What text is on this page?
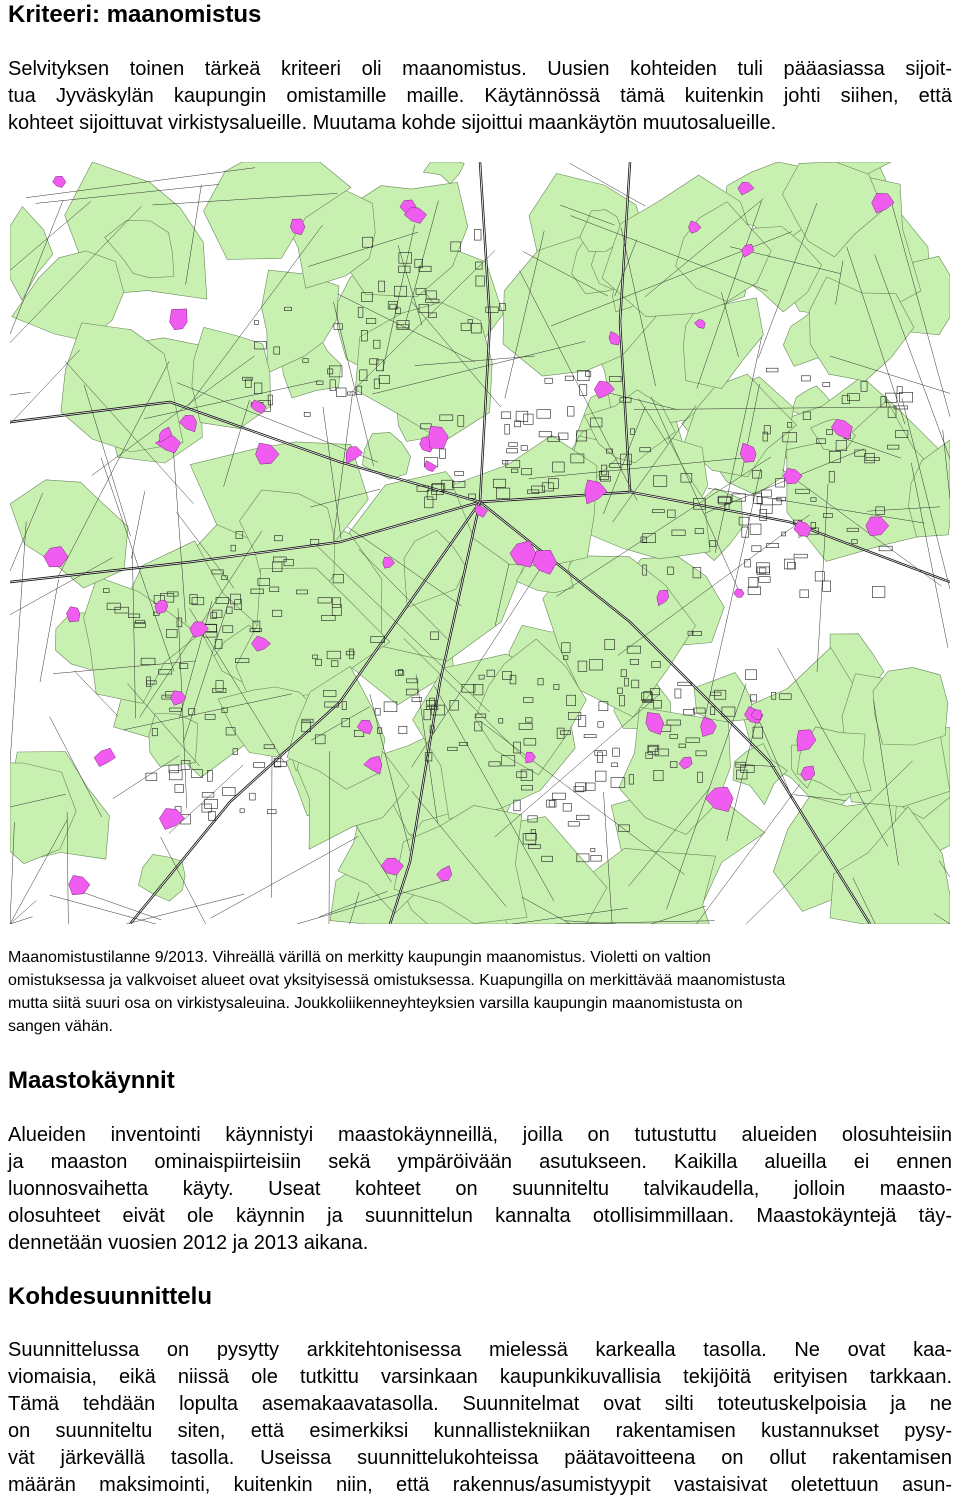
Kriteeri: maanomistus
Selvityksen toinen tärkeä kriteeri oli maanomistus. Uusien kohteiden tuli pääasiassa sijoit-
tua Jyväskylän kaupungin omistamille maille. Käytännössä tämä kuitenkin johti siihen, että
kohteet sijoittuvat virkistysalueille. Muutama kohde sijoittui maankäytön muutosalueille.
Maanomistustilanne 9/2013. Vihreällä värillä on merkitty kaupungin maanomistus. Violetti on valtion
omistuksessa ja valkvoiset alueet ovat yksityisessä omistuksessa. Kuapungilla on merkittävää maanomistusta
mutta siitä suuri osa on virkistysaleuina. Joukkoliikenneyhteyksien varsilla kaupungin maanomistusta on
sangen vähän.
Maastokäynnit
Alueiden inventointi käynnistyi maastokäynneillä, joilla on tutustuttu alueiden olosuhteisiin
ja maaston ominaispiirteisiin sekä ympäröivään asutukseen. Kaikilla alueilla ei ennen
luonnosvaihetta käyty. Useat kohteet on suunniteltu talvikaudella, jolloin maasto-
olosuhteet eivät ole käynnin ja suunnittelun kannalta otollisimmillaan. Maastokäyntejä täy-
dennetään vuosien 2012 ja 2013 aikana.
Kohdesuunnittelu
Suunnittelussa on pysytty arkkitehtonisessa mielessä karkealla tasolla. Ne ovat kaa-
viomaisia, eikä niissä ole tutkittu varsinkaan kaupunkikuvallisia tekijöitä erityisen tarkkaan.
Tämä tehdään lopulta asemakaavatasolla. Suunnitelmat ovat silti toteutuskelpoisia ja ne
on suunniteltu siten, että esimerkiksi kunnallistekniikan rakentamisen kustannukset pysy-
vät järkevällä tasolla. Useissa suunnittelukohteissa päätavoitteena on ollut rakentamisen
määrän maksimointi, kuitenkin niin, että rakennus/asumistyypit vastaisivat oletettuun asun-
